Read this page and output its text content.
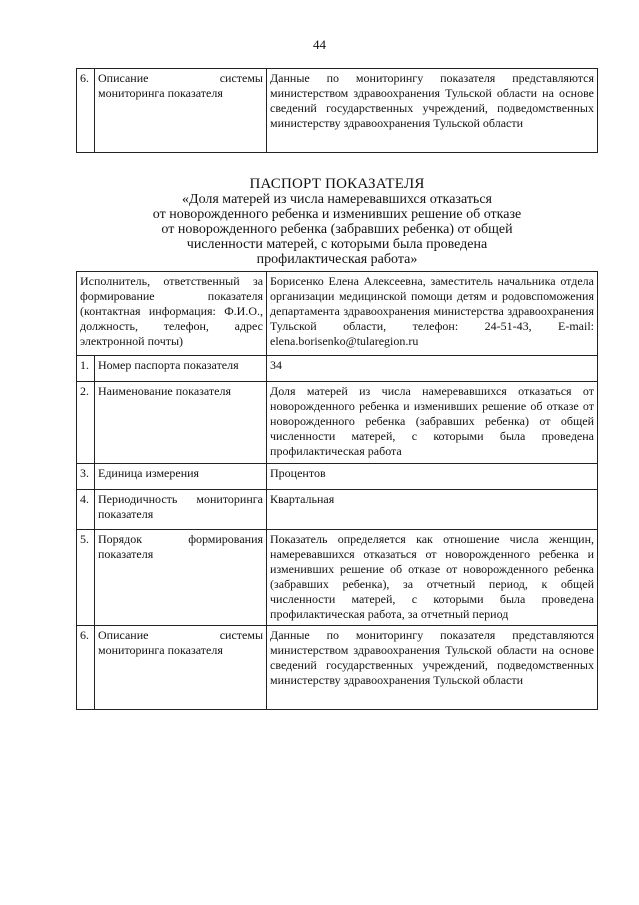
44
6.	Описание системы мониторинга показателя	Данные по мониторингу показателя представляются министерством здравоохранения Тульской области на основе сведений государственных учреждений, подведомственных министерству здравоохранения Тульской области
ПАСПОРТ ПОКАЗАТЕЛЯ
«Доля матерей из числа намеревавшихся отказаться
от новорожденного ребенка и изменивших решение об отказе
от новорожденного ребенка (забравших ребенка) от общей
численности матерей, с которыми была проведена
профилактическая работа»
Исполнитель, ответственный за формирование показателя (контактная информация: Ф.И.О., должность, телефон, адрес электронной почты)		Борисенко Елена Алексеевна, заместитель начальника отдела организации медицинской помощи детям и родовспоможения департамента здравоохранения министерства здравоохранения Тульской области, телефон: 24-51-43, E-mail: elena.borisenko@tularegion.ru
1.	Номер паспорта показателя	34
2.	Наименование показателя	Доля матерей из числа намеревавшихся отказаться от новорожденного ребенка и изменивших решение об отказе от новорожденного ребенка (забравших ребенка) от общей численности матерей, с которыми была проведена профилактическая работа
3.	Единица измерения	Процентов
4.	Периодичность мониторинга показателя	Квартальная
5.	Порядок формирования показателя	Показатель определяется как отношение числа женщин, намеревавшихся отказаться от новорожденного ребенка и изменивших решение об отказе от новорожденного ребенка (забравших ребенка), за отчетный период, к общей численности матерей, с которыми была проведена профилактическая работа, за отчетный период
6.	Описание системы мониторинга показателя	Данные по мониторингу показателя представляются министерством здравоохранения Тульской области на основе сведений государственных учреждений, подведомственных министерству здравоохранения Тульской области
